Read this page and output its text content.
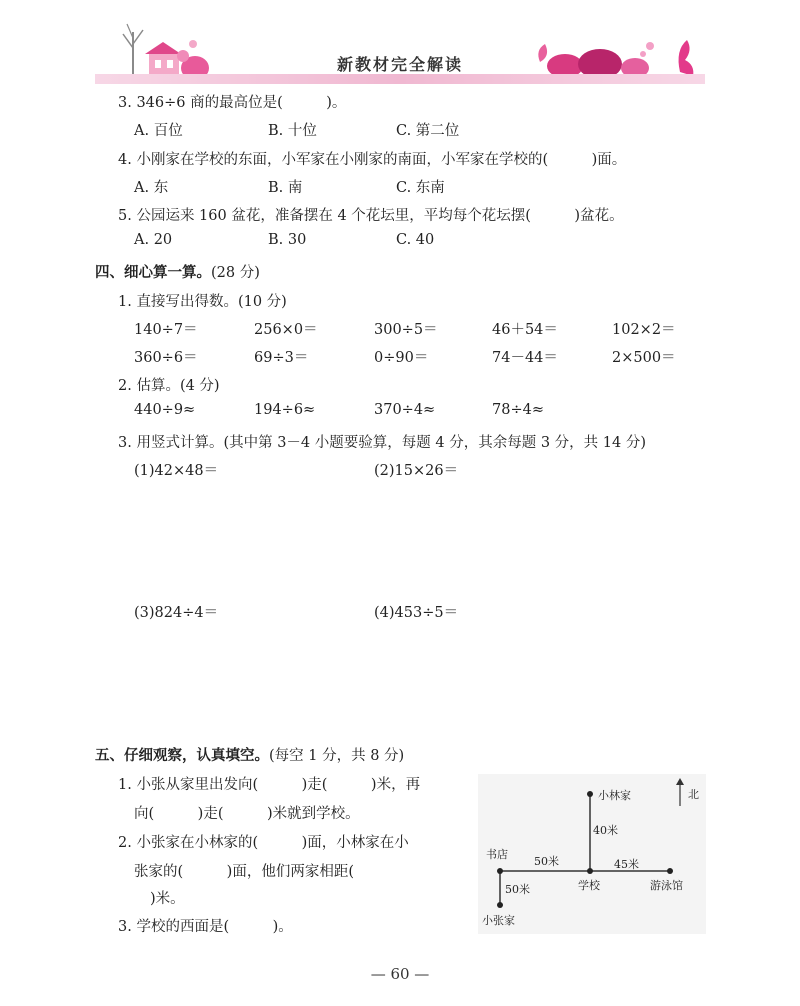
新教材完全解读
3. 346÷6 商的最高位是(　　　)。
A. 百位	B. 十位	C. 第二位
4. 小刚家在学校的东面，小军家在小刚家的南面，小军家在学校的(　　　)面。
A. 东	B. 南	C. 东南
5. 公园运来 160 盆花，准备摆在 4 个花坛里，平均每个花坛摆(　　　)盆花。
A. 20	B. 30	C. 40
四、细心算一算。(28 分)
1. 直接写出得数。(10 分)
140÷7＝	256×0＝	300÷5＝	46＋54＝	102×2＝
360÷6＝	69÷3＝	0÷90＝	74－44＝	2×500＝
2. 估算。(4 分)
440÷9≈	194÷6≈	370÷4≈	78÷4≈
3. 用竖式计算。(其中第 3－4 小题要验算，每题 4 分，其余每题 3 分，共 14 分)
(1)42×48＝	(2)15×26＝
(3)824÷4＝	(4)453÷5＝
五、仔细观察，认真填空。(每空 1 分，共 8 分)
1. 小张从家里出发向(　　　)走(　　　)米，再
向(　　　)走(　　　)米就到学校。
2. 小张家在小林家的(　　　)面，小林家在小
张家的(　　　)面，他们两家相距(
)米。
3. 学校的西面是(　　　)。
北
小林家
40米
书店
50米	45米
学校	游泳馆
50米
小张家
— 60 —
